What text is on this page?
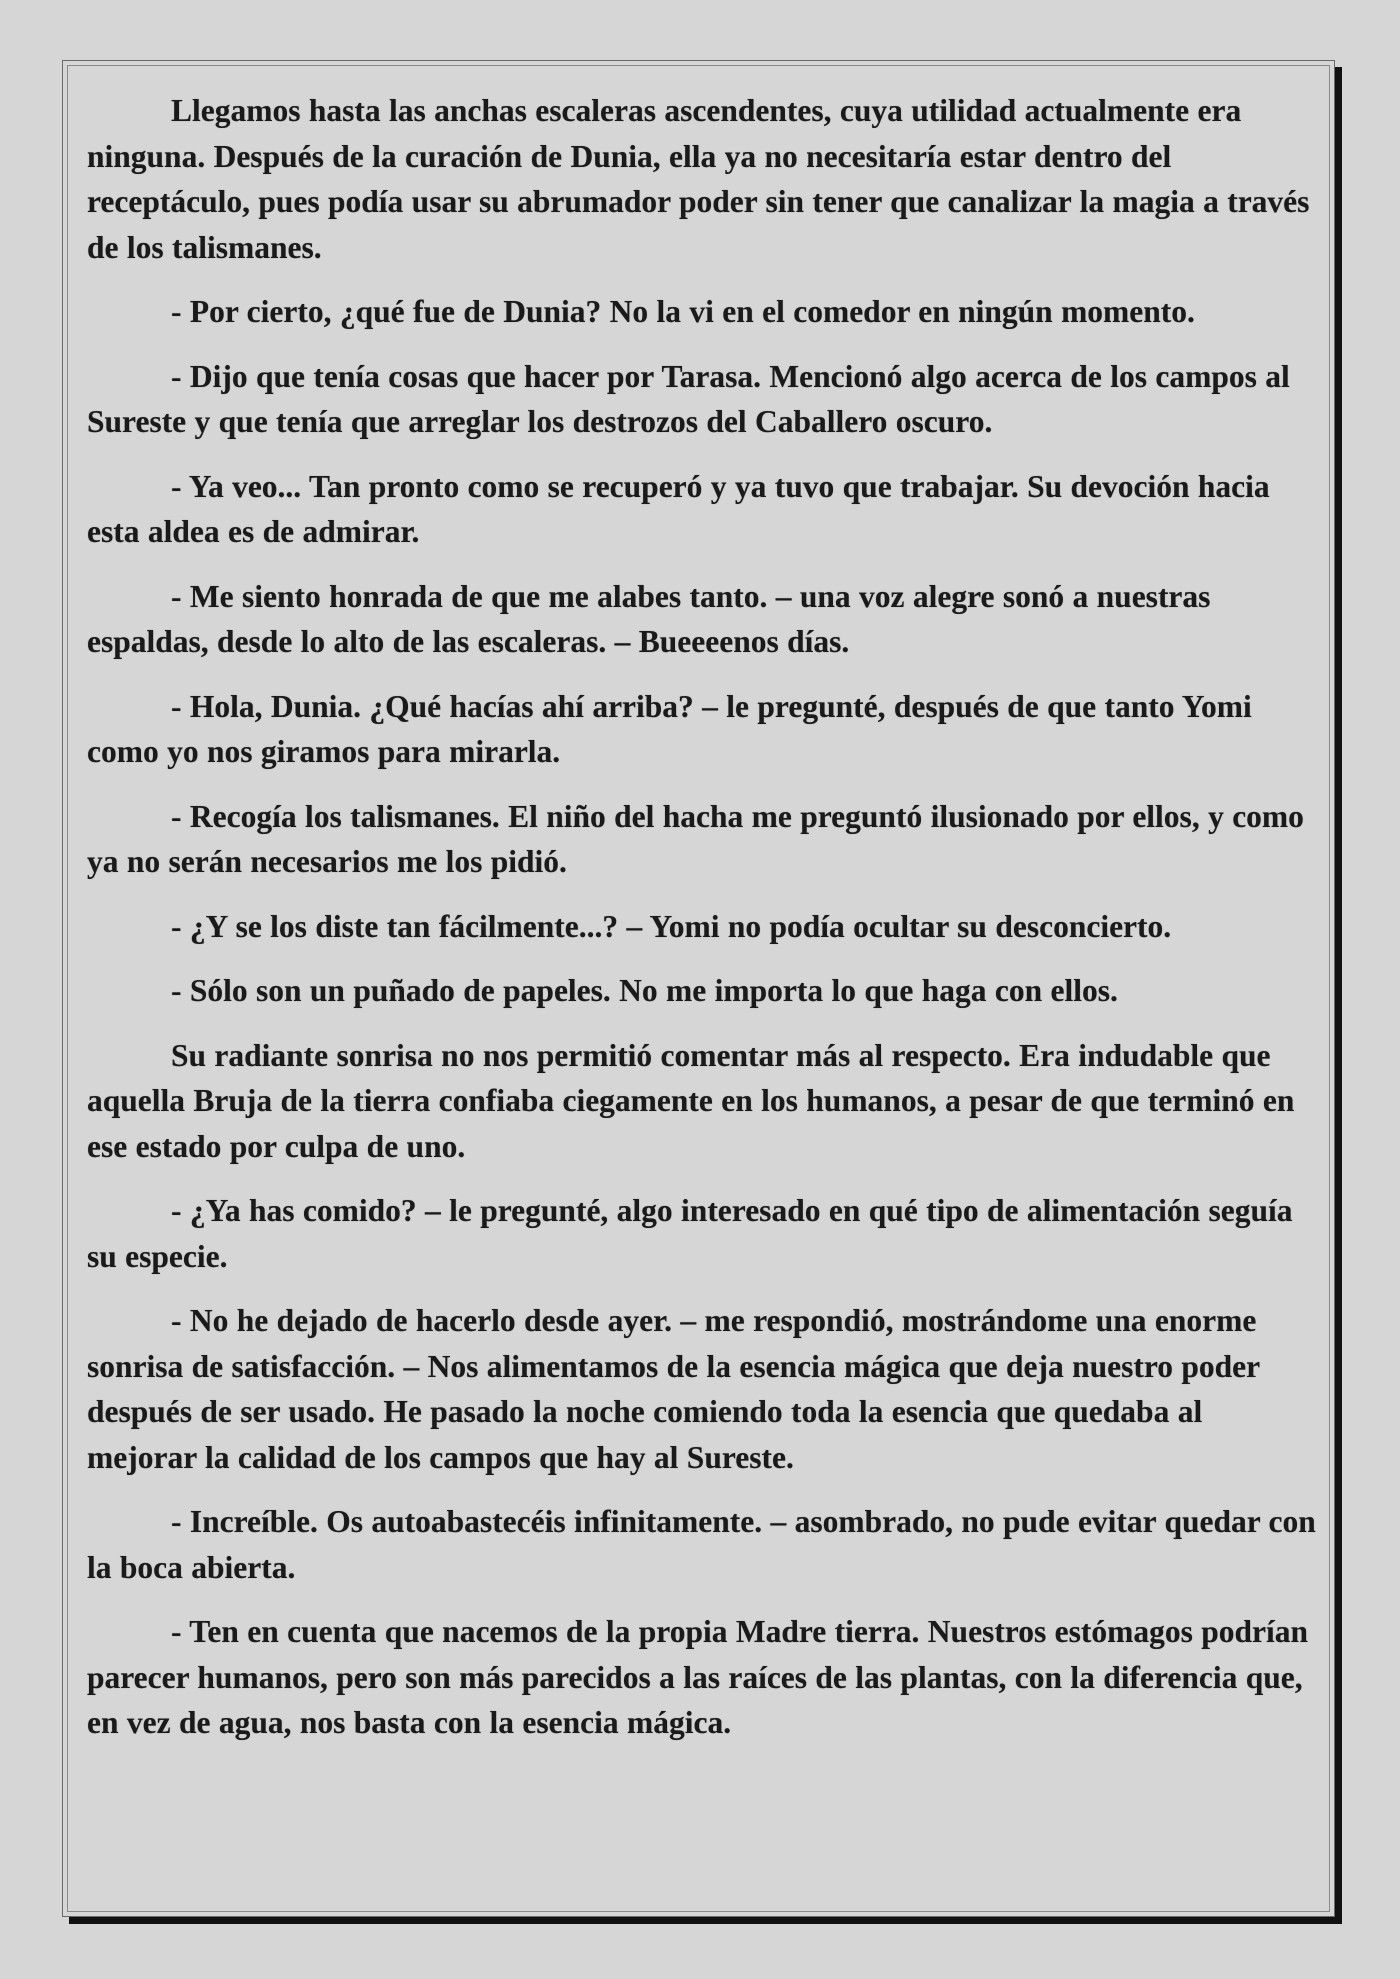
Llegamos hasta las anchas escaleras ascendentes, cuya utilidad actualmente era ninguna. Después de la curación de Dunia, ella ya no necesitaría estar dentro del receptáculo, pues podía usar su abrumador poder sin tener que canalizar la magia a través de los talismanes.

- Por cierto, ¿qué fue de Dunia? No la vi en el comedor en ningún momento.

- Dijo que tenía cosas que hacer por Tarasa. Mencionó algo acerca de los campos al Sureste y que tenía que arreglar los destrozos del Caballero oscuro.

- Ya veo... Tan pronto como se recuperó y ya tuvo que trabajar. Su devoción hacia esta aldea es de admirar.

- Me siento honrada de que me alabes tanto. – una voz alegre sonó a nuestras espaldas, desde lo alto de las escaleras. – Bueeeenos días.

- Hola, Dunia. ¿Qué hacías ahí arriba? – le pregunté, después de que tanto Yomi como yo nos giramos para mirarla.

- Recogía los talismanes. El niño del hacha me preguntó ilusionado por ellos, y como ya no serán necesarios me los pidió.

- ¿Y se los diste tan fácilmente...? – Yomi no podía ocultar su desconcierto.

- Sólo son un puñado de papeles. No me importa lo que haga con ellos.

Su radiante sonrisa no nos permitió comentar más al respecto. Era indudable que aquella Bruja de la tierra confiaba ciegamente en los humanos, a pesar de que terminó en ese estado por culpa de uno.

- ¿Ya has comido? – le pregunté, algo interesado en qué tipo de alimentación seguía su especie.

- No he dejado de hacerlo desde ayer. – me respondió, mostrándome una enorme sonrisa de satisfacción. – Nos alimentamos de la esencia mágica que deja nuestro poder después de ser usado. He pasado la noche comiendo toda la esencia que quedaba al mejorar la calidad de los campos que hay al Sureste.

- Increíble. Os autoabastecéis infinitamente. – asombrado, no pude evitar quedar con la boca abierta.

- Ten en cuenta que nacemos de la propia Madre tierra. Nuestros estómagos podrían parecer humanos, pero son más parecidos a las raíces de las plantas, con la diferencia que, en vez de agua, nos basta con la esencia mágica.
